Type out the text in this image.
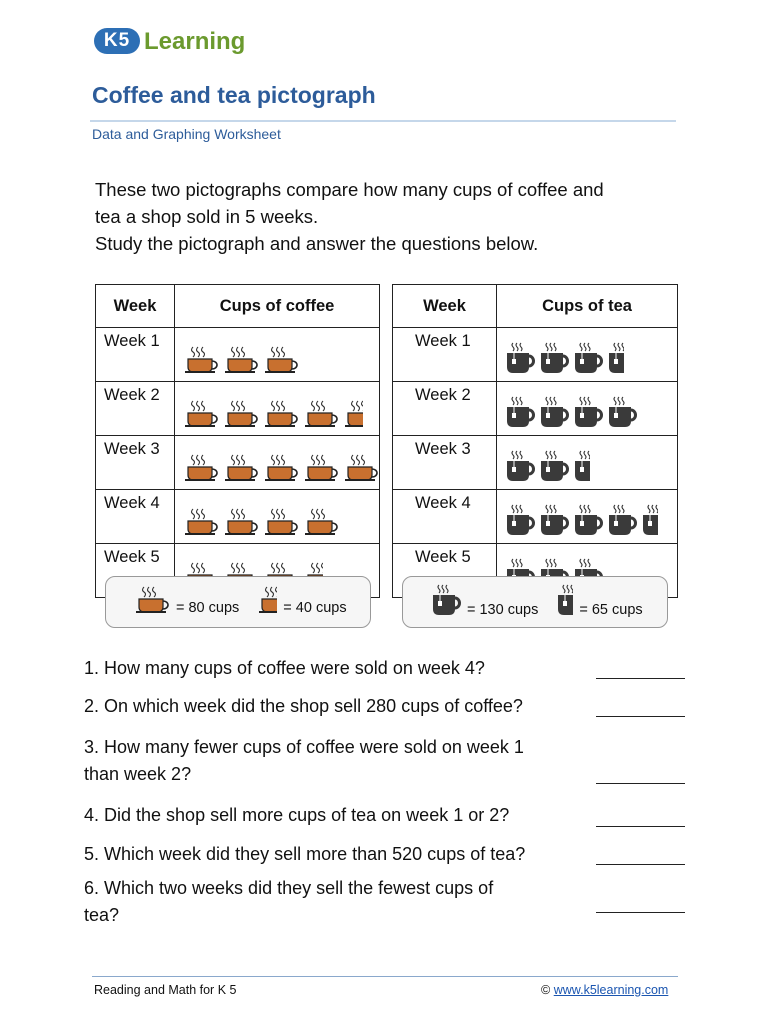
K5 Learning
Coffee and tea pictograph
Data and Graphing Worksheet
These two pictographs compare how many cups of coffee and
tea a shop sold in 5 weeks.
Study the pictograph and answer the questions below.
Week	Cups of coffee
Week 1	

Week 2	

Week 3	

Week 4	

Week 5	
Week	Cups of tea
Week 1	

Week 2	

Week 3	

Week 4	

Week 5	
= 80 cups	= 40 cups	= 130 cups	= 65 cups
1. How many cups of coffee were sold on week 4?
2. On which week did the shop sell 280 cups of coffee?
3. How many fewer cups of coffee were sold on week 1
than week 2?
4. Did the shop sell more cups of tea on week 1 or 2?
5. Which week did they sell more than 520 cups of tea?
6. Which two weeks did they sell the fewest cups of
tea?
Reading and Math for K 5	© www.k5learning.com
